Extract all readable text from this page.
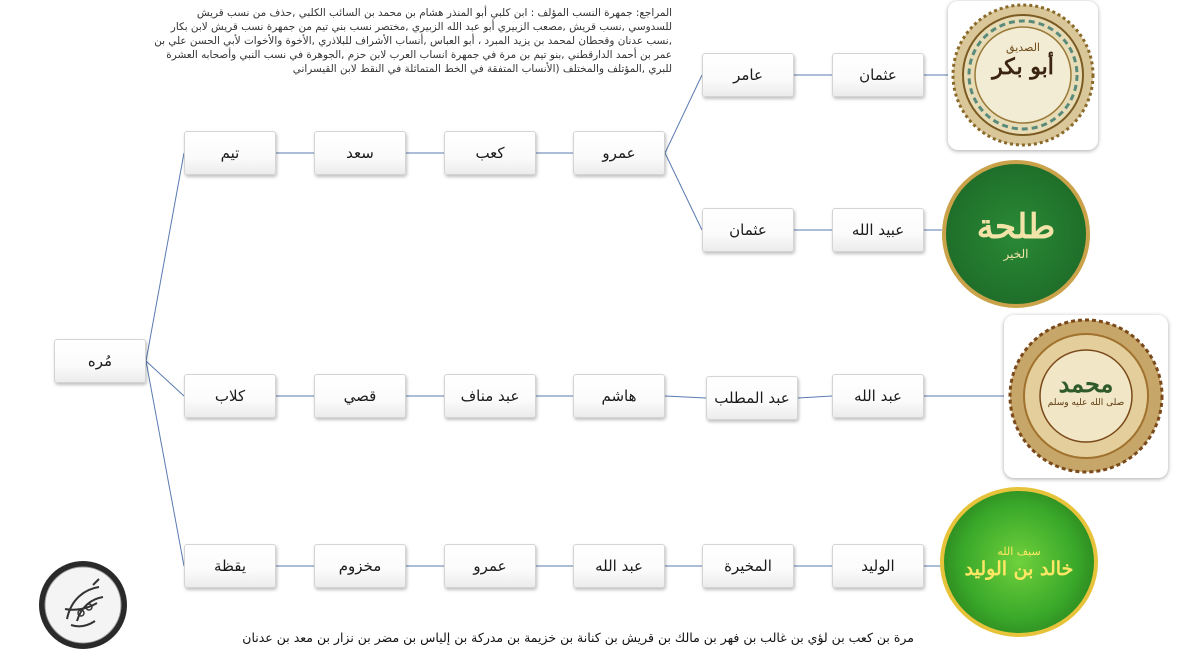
المراجع: جمهرة النسب المؤلف : ابن كلبي أبو المنذر هشام بن محمد بن السائب الكلبي ,حذف من نسب قريش للسدوسي ,نسب قريش ,مصعب الزبيري أبو عبد الله الزبيري ,مختصر نسب بني تيم من جمهرة نسب قريش لابن بكار ,نسب عدنان وقحطان لمحمد بن يزيد المبرد ، أبو العباس ,أنساب الأشراف للبلاذري ,الأخوة والأخوات لأبي الحسن علي بن عمر بن أحمد الدارقطني ,بنو تيم بن مرة في جمهرة انساب العرب لابن حزم ,الجوهرة في نسب النبي وأصحابه العشرة للبري ,المؤتلف والمختلف (الأنساب المتفقة في الخط المتماثلة في النقط لابن القيسراني
مُره
تيم	سعد	كعب	عمرو
عامر	عثمان
عثمان	عبيد الله
كلاب	قصي	عبد مناف	هاشم	عبد المطلب	عبد الله
يقظة	مخزوم	عمرو	عبد الله	المخيرة	الوليد
الصديق
أبو بكر
طلحة
الخير
محمد
صلى الله عليه وسلم
سيف الله
خالد بن الوليد
مرة بن كعب بن لؤي بن غالب بن فهر بن مالك بن قريش بن كنانة بن خزيمة بن مدركة بن إلياس بن مضر بن نزار بن معد بن عدنان
